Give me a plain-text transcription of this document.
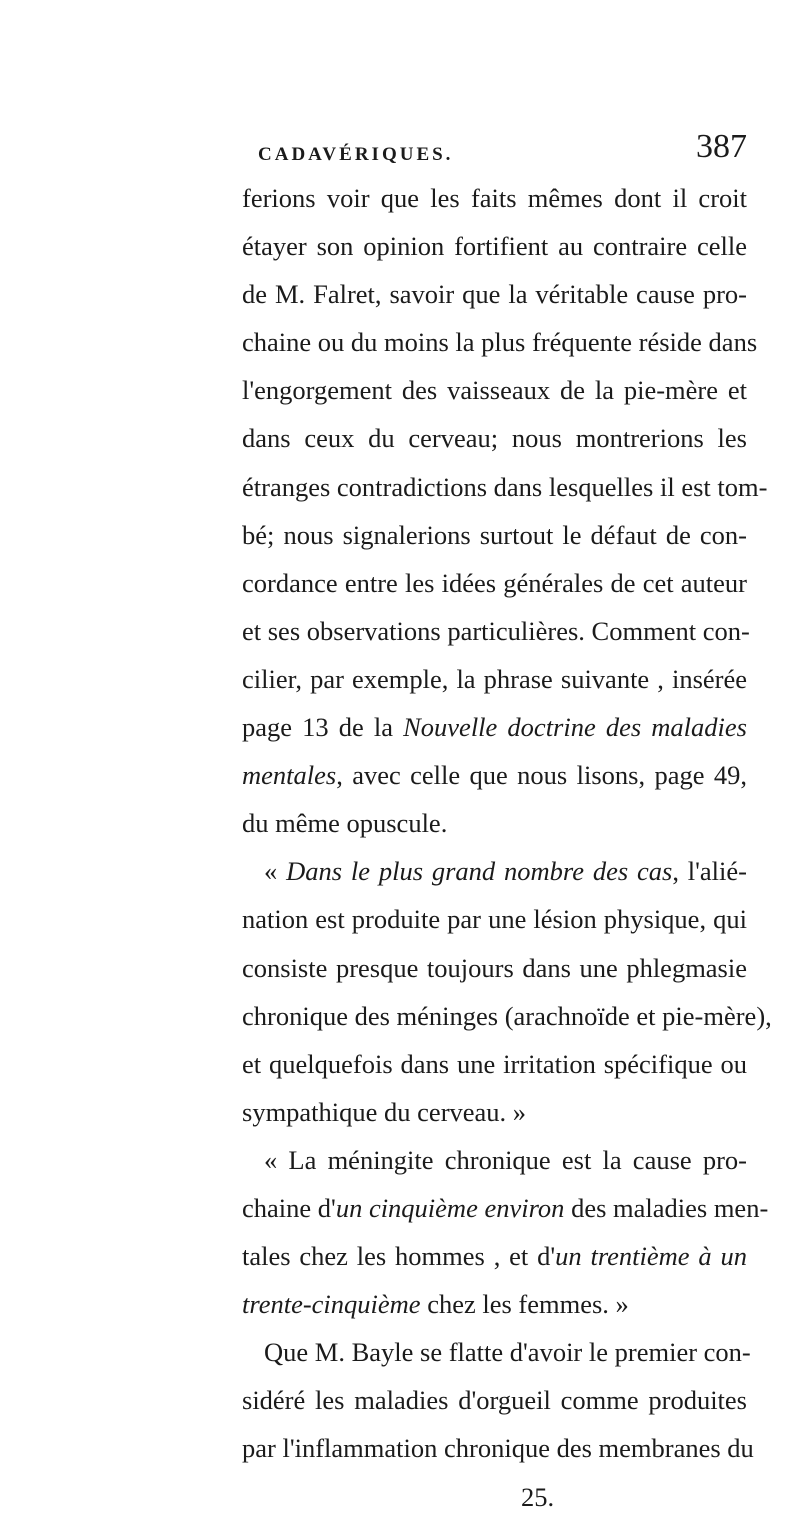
CADAVÉRIQUES.	387
ferions voir que les faits mêmes dont il croit
étayer son opinion fortifient au contraire celle
de M. Falret, savoir que la véritable cause pro-
chaine ou du moins la plus fréquente réside dans
l'engorgement des vaisseaux de la pie-mère et
dans ceux du cerveau; nous montrerions les
étranges contradictions dans lesquelles il est tom-
bé; nous signalerions surtout le défaut de con-
cordance entre les idées générales de cet auteur
et ses observations particulières. Comment con-
cilier, par exemple, la phrase suivante , insérée
page 13 de la Nouvelle doctrine des maladies
mentales, avec celle que nous lisons, page 49,
du même opuscule.
« Dans le plus grand nombre des cas, l'alié-
nation est produite par une lésion physique, qui
consiste presque toujours dans une phlegmasie
chronique des méninges (arachnoïde et pie-mère),
et quelquefois dans une irritation spécifique ou
sympathique du cerveau. »
« La méningite chronique est la cause pro-
chaine d'un cinquième environ des maladies men-
tales chez les hommes , et d'un trentième à un
trente-cinquième chez les femmes. »
Que M. Bayle se flatte d'avoir le premier con-
sidéré les maladies d'orgueil comme produites
par l'inflammation chronique des membranes du
25.
